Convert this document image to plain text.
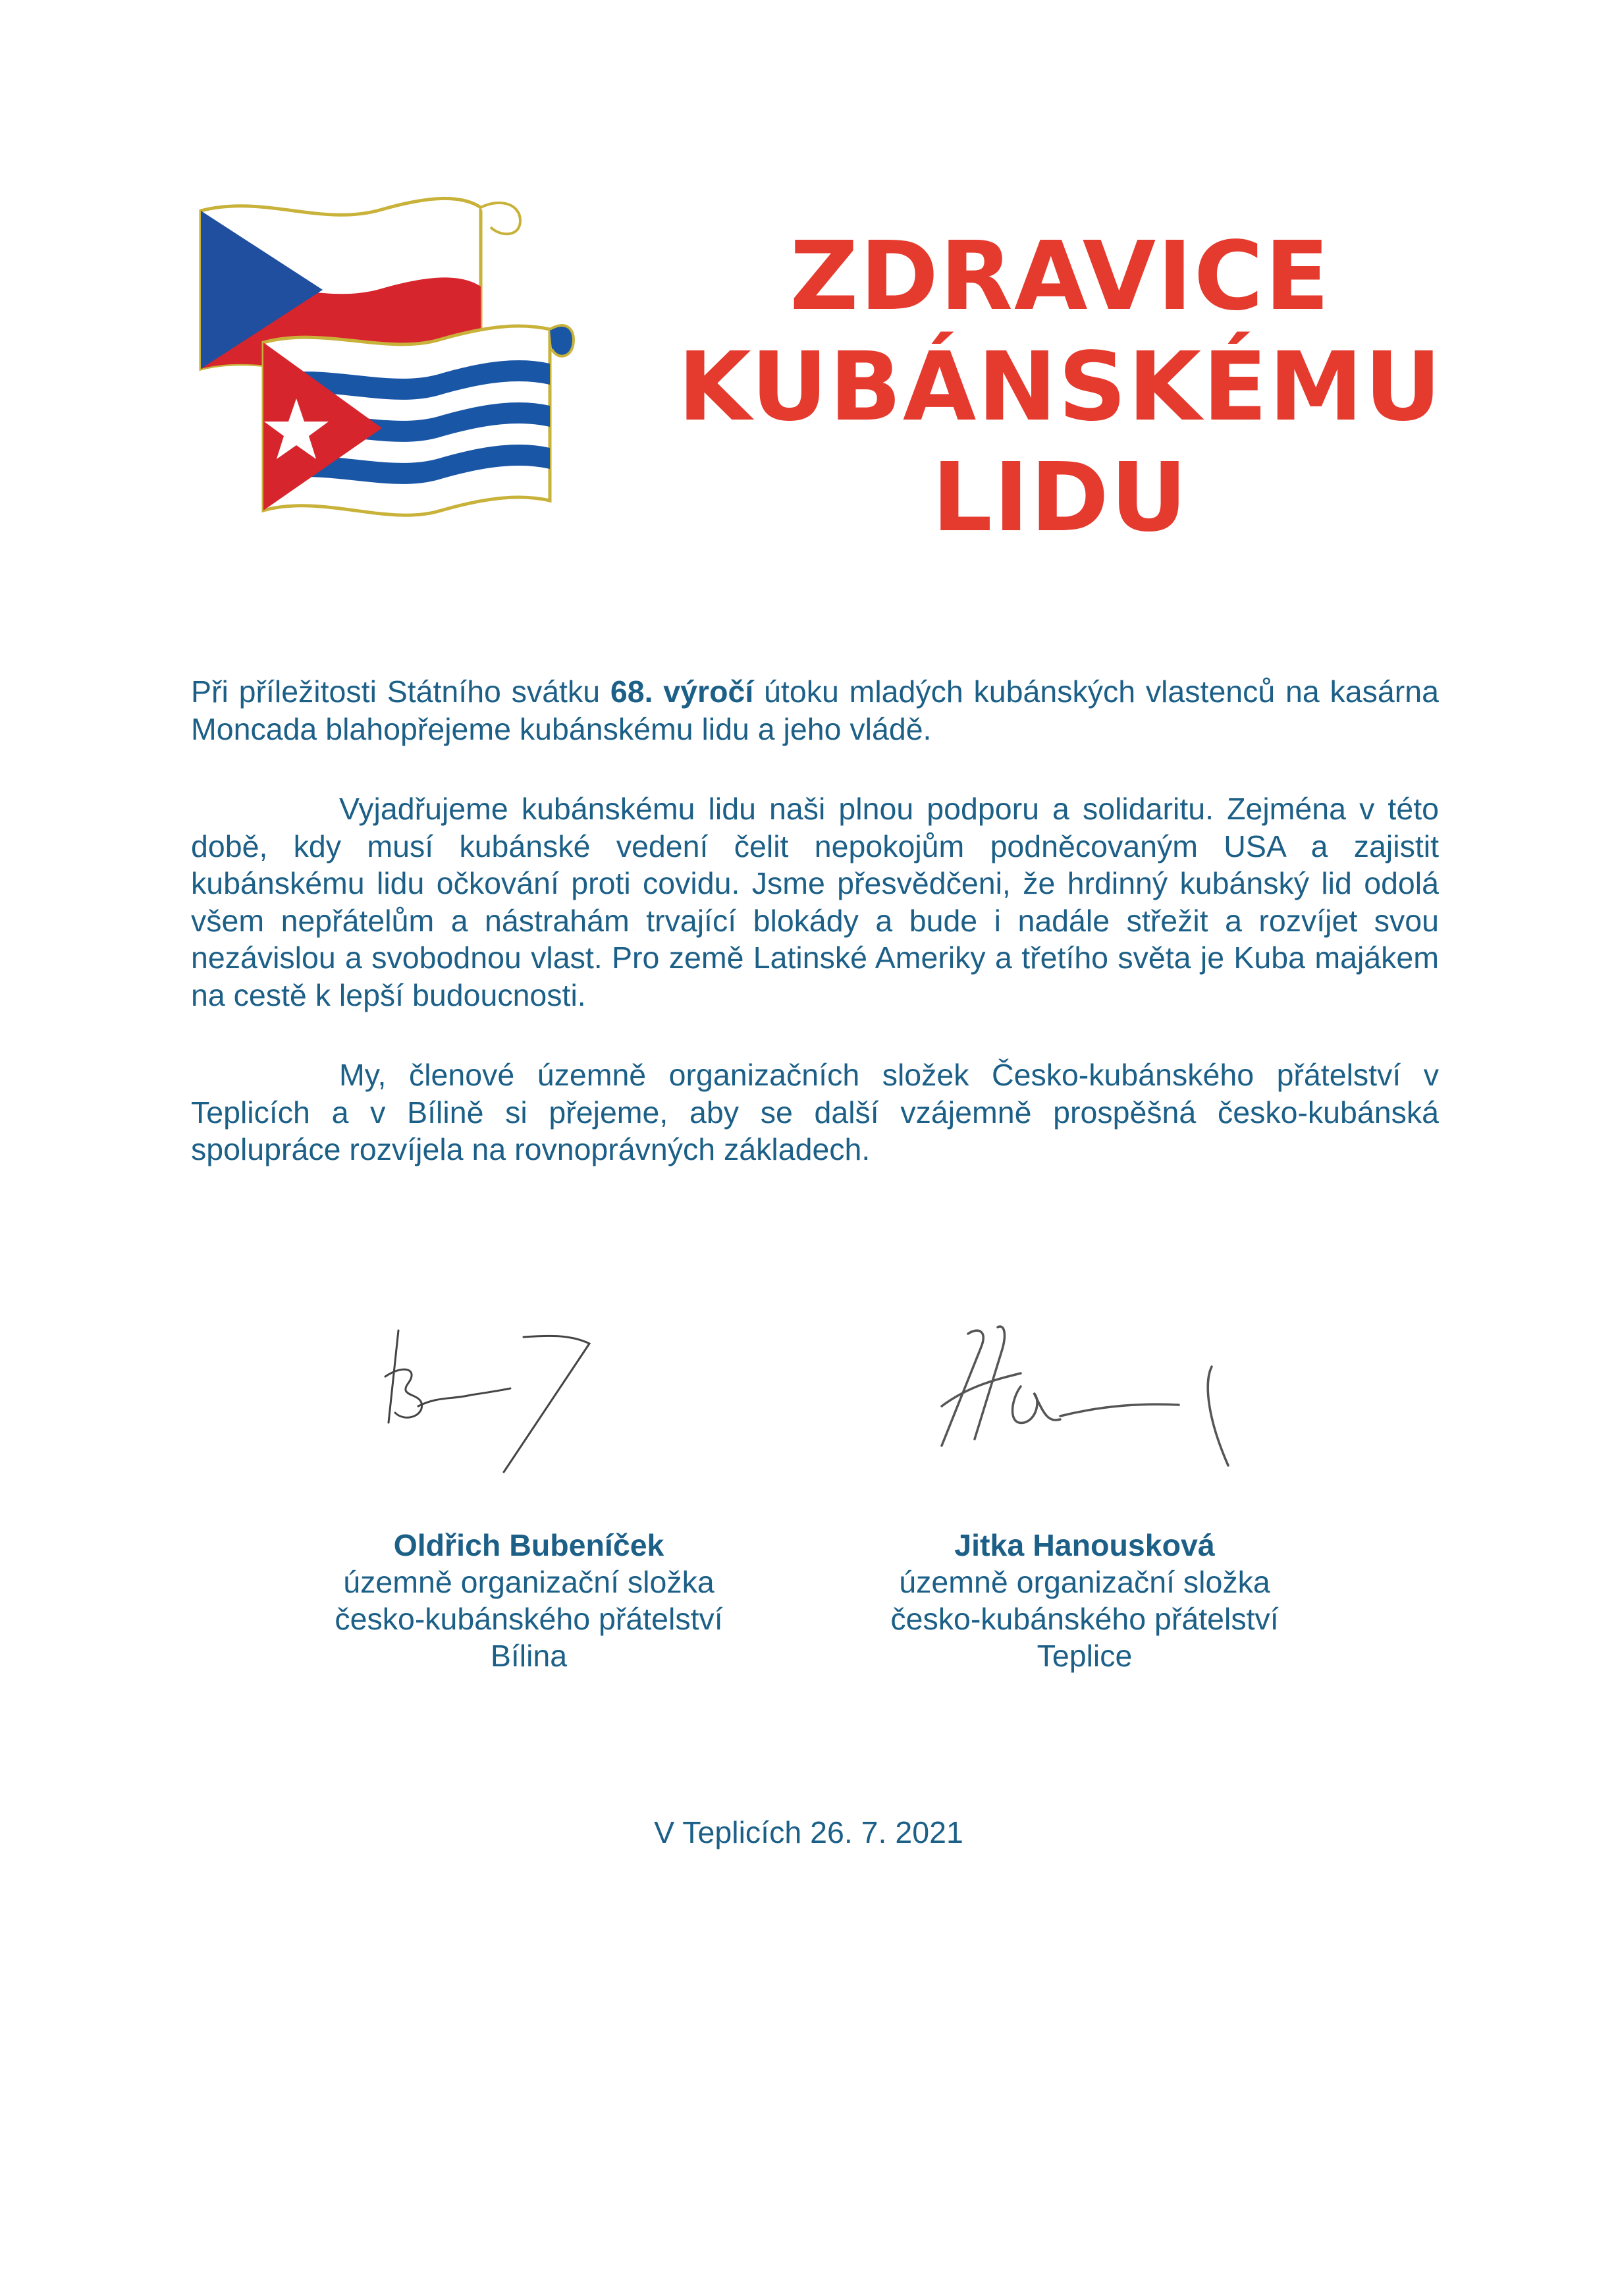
ZDRAVICE
KUBÁNSKÉMU
LIDU

Při příležitosti Státního svátku 68. výročí útoku mladých kubánských vlastenců na kasárna Moncada blahopřejeme kubánskému lidu a jeho vládě.

Vyjadřujeme kubánskému lidu naši plnou podporu a solidaritu. Zejména v této době, kdy musí kubánské vedení čelit nepokojům podněcovaným USA a zajistit kubánskému lidu očkování proti covidu. Jsme přesvědčeni, že hrdinný kubánský lid odolá všem nepřátelům a nástrahám trvající blokády a bude i nadále střežit a rozvíjet svou nezávislou a svobodnou vlast. Pro země Latinské Ameriky a třetího světa je Kuba majákem na cestě k lepší budoucnosti.

My, členové územně organizačních složek Česko-kubánského přátelství v Teplicích a v Bílině si přejeme, aby se další vzájemně prospěšná česko-kubánská spolupráce rozvíjela na rovnoprávných základech.

Oldřich Bubeníček
územně organizační složka
česko-kubánského přátelství
Bílina
Jitka Hanousková
územně organizační složka
česko-kubánského přátelství
Teplice
V Teplicích 26. 7. 2021
